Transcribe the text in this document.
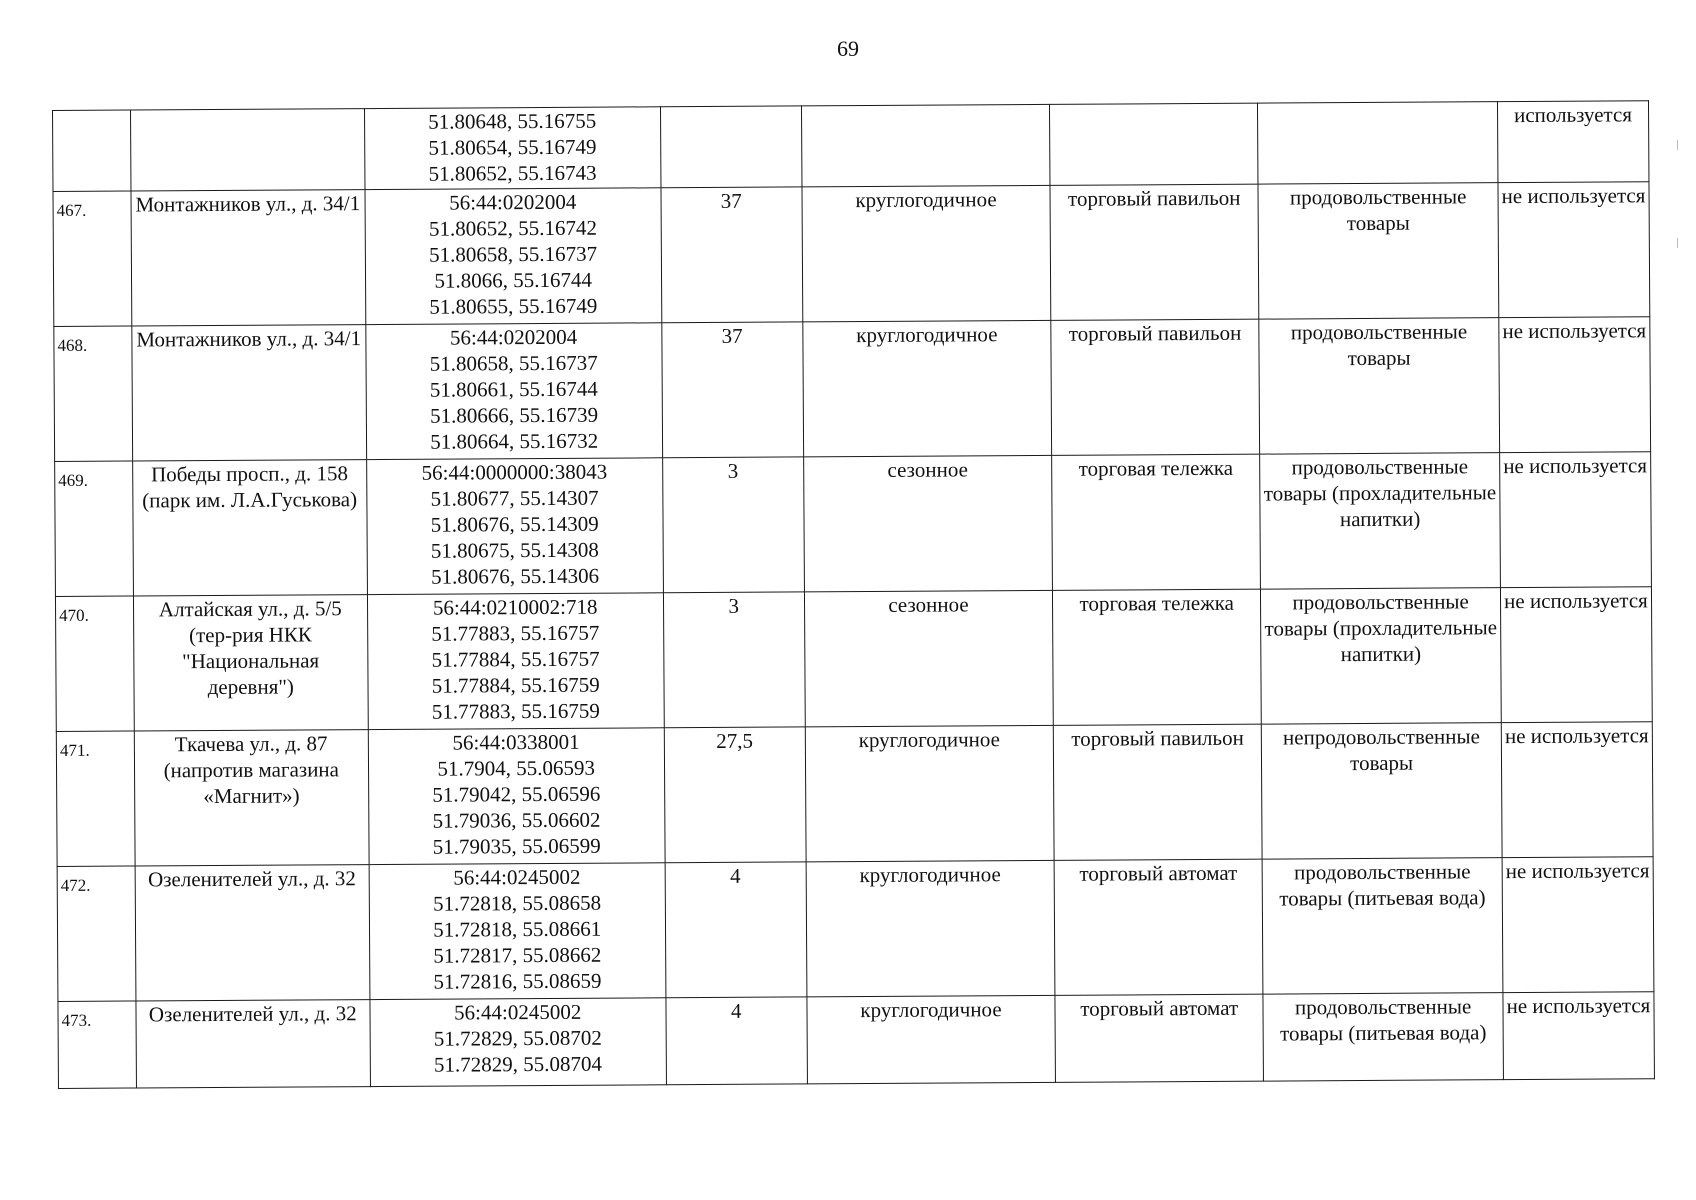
69

		51.80648, 55.16755
51.80654, 55.16749
51.80652, 55.16743					используется

467.	Монтажников ул., д. 34/1	56:44:0202004
51.80652, 55.16742
51.80658, 55.16737
51.8066, 55.16744
51.80655, 55.16749	37	круглогодичное	торговый павильон	продовольственные товары	не используется

468.	Монтажников ул., д. 34/1	56:44:0202004
51.80658, 55.16737
51.80661, 55.16744
51.80666, 55.16739
51.80664, 55.16732	37	круглогодичное	торговый павильон	продовольственные товары	не используется

469.	Победы просп., д. 158 (парк им. Л.А.Гуськова)	56:44:0000000:38043
51.80677, 55.14307
51.80676, 55.14309
51.80675, 55.14308
51.80676, 55.14306	3	сезонное	торговая тележка	продовольственные товары (прохладительные напитки)	не используется

470.	Алтайская ул., д. 5/5 (тер-рия НКК "Национальная деревня")	56:44:0210002:718
51.77883, 55.16757
51.77884, 55.16757
51.77884, 55.16759
51.77883, 55.16759	3	сезонное	торговая тележка	продовольственные товары (прохладительные напитки)	не используется

471.	Ткачева ул., д. 87 (напротив магазина «Магнит»)	56:44:0338001
51.7904, 55.06593
51.79042, 55.06596
51.79036, 55.06602
51.79035, 55.06599	27,5	круглогодичное	торговый павильон	непродовольственные товары	не используется

472.	Озеленителей ул., д. 32	56:44:0245002
51.72818, 55.08658
51.72818, 55.08661
51.72817, 55.08662
51.72816, 55.08659	4	круглогодичное	торговый автомат	продовольственные товары (питьевая вода)	не используется

473.	Озеленителей ул., д. 32	56:44:0245002
51.72829, 55.08702
51.72829, 55.08704	4	круглогодичное	торговый автомат	продовольственные товары (питьевая вода)	не используется
